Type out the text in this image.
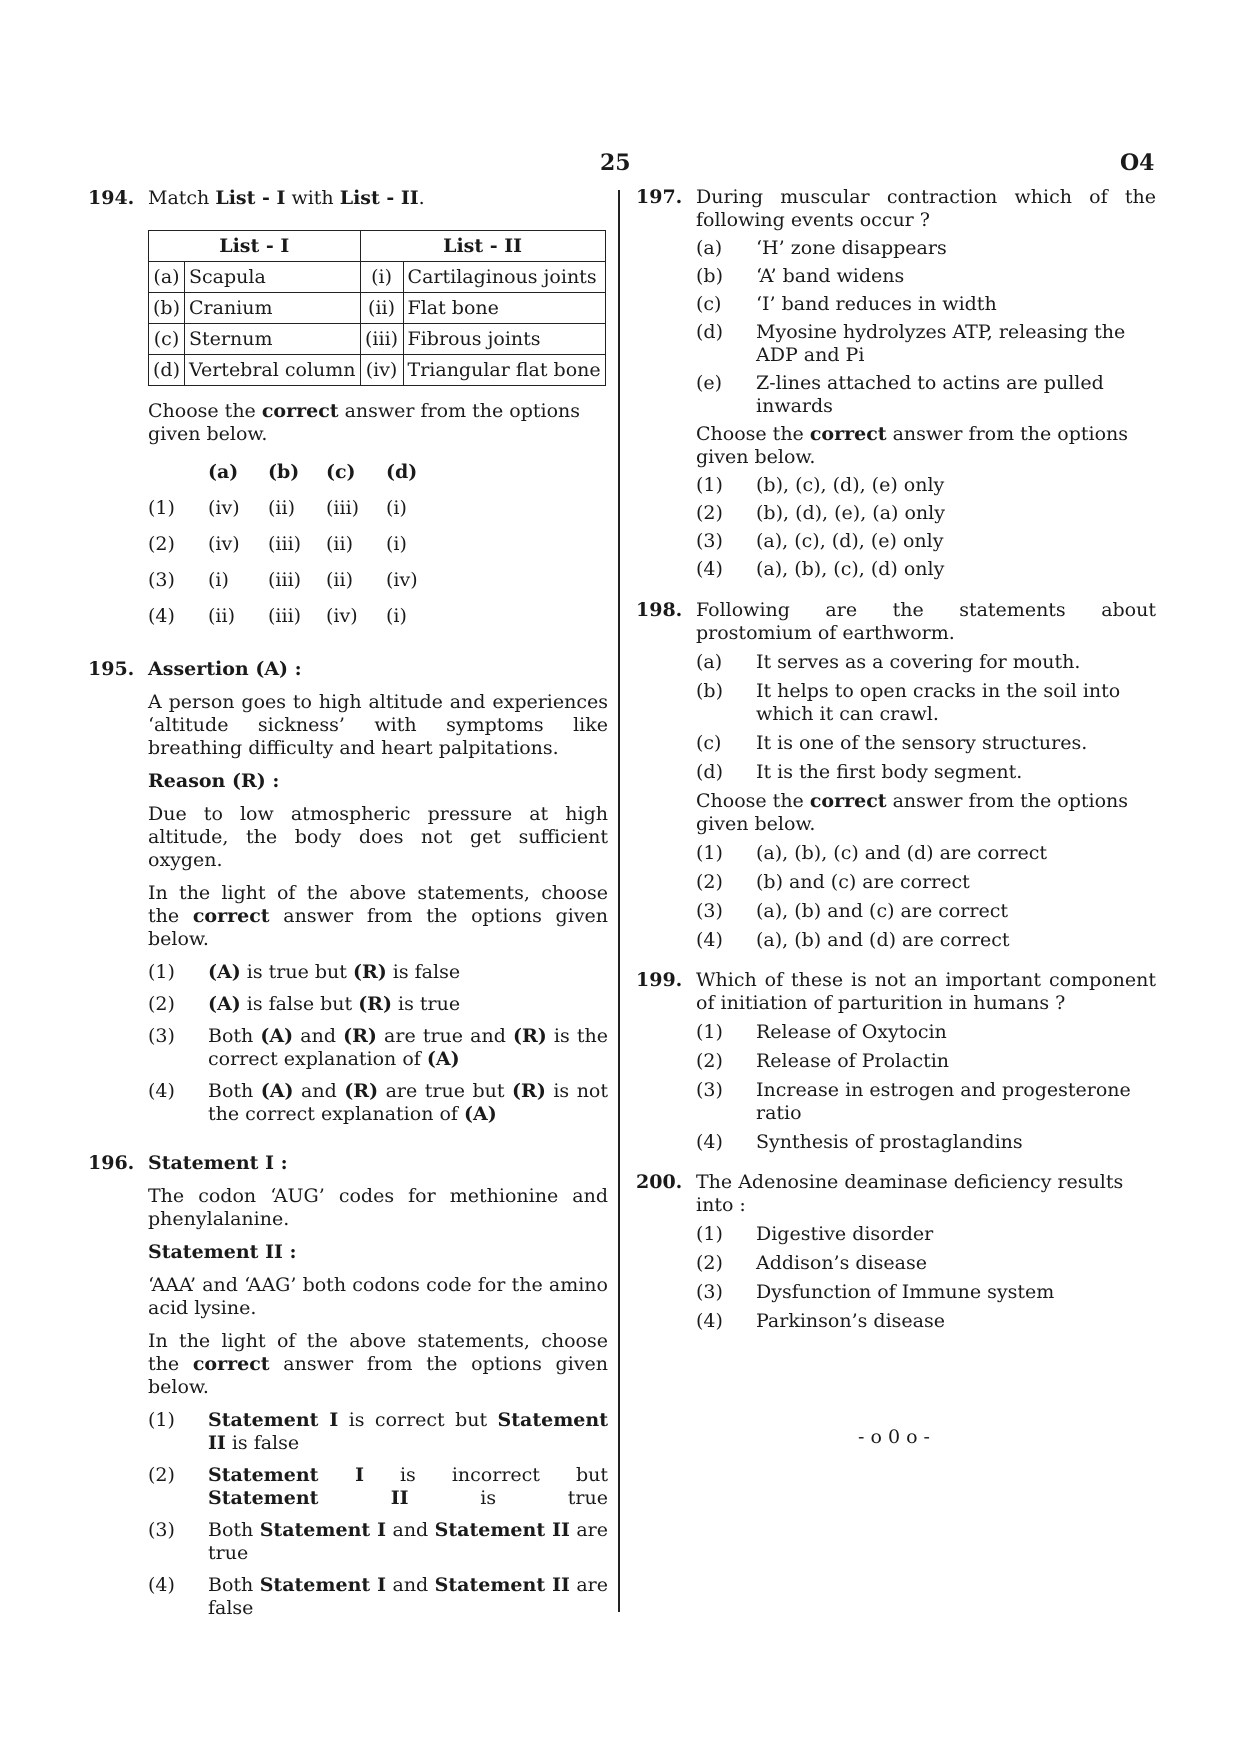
25	O4
194. Match List - I with List - II.

List - I		List - II	
(a)	Scapula	(i)	Cartilaginous joints
(b)	Cranium	(ii)	Flat bone
(c)	Sternum	(iii)	Fibrous joints
(d)	Vertebral column	(iv)	Triangular flat bone

Choose the correct answer from the options given below.

	(a)	(b)	(c)	(d)
(1)	(iv)	(ii)	(iii)	(i)
(2)	(iv)	(iii)	(ii)	(i)
(3)	(i)	(iii)	(ii)	(iv)
(4)	(ii)	(iii)	(iv)	(i)
195. Assertion (A) :

A person goes to high altitude and experiences ‘altitude sickness’ with symptoms like breathing difficulty and heart palpitations.

Reason (R) :

Due to low atmospheric pressure at high altitude, the body does not get sufficient oxygen.

In the light of the above statements, choose the correct answer from the options given below.

(1) (A) is true but (R) is false

(2) (A) is false but (R) is true

(3) Both (A) and (R) are true and (R) is the correct explanation of (A)

(4) Both (A) and (R) are true but (R) is not the correct explanation of (A)

196. Statement I :

The codon ‘AUG’ codes for methionine and phenylalanine.

Statement II :

‘AAA’ and ‘AAG’ both codons code for the amino acid lysine.

In the light of the above statements, choose the correct answer from the options given below.

(1) Statement I is correct but Statement II is false

(2) Statement I is incorrect but
Statement II is true

(3) Both Statement I and Statement II are true

(4) Both Statement I and Statement II are false

197. During muscular contraction which of the following events occur ?

(a) ‘H’ zone disappears

(b) ‘A’ band widens

(c) ‘I’ band reduces in width

(d) Myosine hydrolyzes ATP, releasing the ADP and Pi

(e) Z-lines attached to actins are pulled inwards

Choose the correct answer from the options given below.

(1) (b), (c), (d), (e) only

(2) (b), (d), (e), (a) only

(3) (a), (c), (d), (e) only

(4) (a), (b), (c), (d) only

198. Following are the statements about prostomium of earthworm.

(a) It serves as a covering for mouth.

(b) It helps to open cracks in the soil into which it can crawl.

(c) It is one of the sensory structures.

(d) It is the first body segment.

Choose the correct answer from the options given below.

(1) (a), (b), (c) and (d) are correct

(2) (b) and (c) are correct

(3) (a), (b) and (c) are correct

(4) (a), (b) and (d) are correct

199. Which of these is not an important component of initiation of parturition in humans ?

(1) Release of Oxytocin

(2) Release of Prolactin

(3) Increase in estrogen and progesterone ratio

(4) Synthesis of prostaglandins

200. The Adenosine deaminase deficiency results into :

(1) Digestive disorder

(2) Addison’s disease

(3) Dysfunction of Immune system

(4) Parkinson’s disease

- o 0 o -
